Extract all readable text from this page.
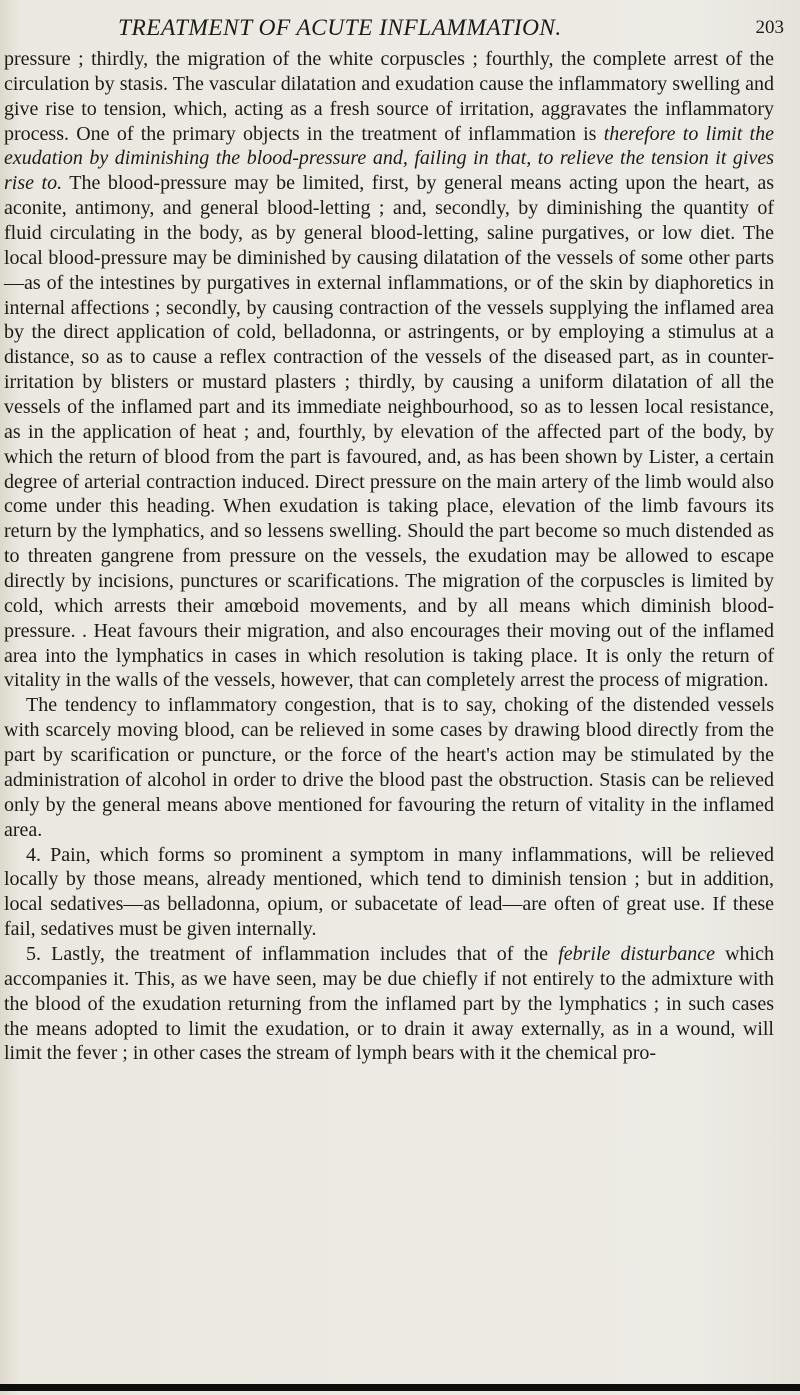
TREATMENT OF ACUTE INFLAMMATION.	203

pressure ; thirdly, the migration of the white corpuscles ; fourthly, the complete arrest of the circulation by stasis. The vascular dilatation and exudation cause the inflammatory swelling and give rise to tension, which, acting as a fresh source of irritation, aggravates the inflammatory process. One of the primary objects in the treatment of inflammation is therefore to limit the exudation by diminishing the blood-pressure and, failing in that, to relieve the tension it gives rise to. The blood-pressure may be limited, first, by general means acting upon the heart, as aconite, antimony, and general blood-letting ; and, secondly, by diminishing the quantity of fluid circulating in the body, as by general blood-letting, saline purgatives, or low diet. The local blood-pressure may be diminished by causing dilatation of the vessels of some other parts—as of the intestines by purgatives in external inflammations, or of the skin by diaphoretics in internal affections ; secondly, by causing contraction of the vessels supplying the inflamed area by the direct application of cold, belladonna, or astringents, or by employing a stimulus at a distance, so as to cause a reflex contraction of the vessels of the diseased part, as in counter-irritation by blisters or mustard plasters ; thirdly, by causing a uniform dilatation of all the vessels of the inflamed part and its immediate neighbourhood, so as to lessen local resistance, as in the application of heat ; and, fourthly, by elevation of the affected part of the body, by which the return of blood from the part is favoured, and, as has been shown by Lister, a certain degree of arterial contraction induced. Direct pressure on the main artery of the limb would also come under this heading. When exudation is taking place, elevation of the limb favours its return by the lymphatics, and so lessens swelling. Should the part become so much distended as to threaten gangrene from pressure on the vessels, the exudation may be allowed to escape directly by incisions, punctures or scarifications. The migration of the corpuscles is limited by cold, which arrests their amœboid movements, and by all means which diminish blood-pressure. . Heat favours their migration, and also encourages their moving out of the inflamed area into the lymphatics in cases in which resolution is taking place. It is only the return of vitality in the walls of the vessels, however, that can completely arrest the process of migration.

The tendency to inflammatory congestion, that is to say, choking of the distended vessels with scarcely moving blood, can be relieved in some cases by drawing blood directly from the part by scarification or puncture, or the force of the heart's action may be stimulated by the administration of alcohol in order to drive the blood past the obstruction. Stasis can be relieved only by the general means above mentioned for favouring the return of vitality in the inflamed area.

4. Pain, which forms so prominent a symptom in many inflammations, will be relieved locally by those means, already mentioned, which tend to diminish tension ; but in addition, local sedatives—as belladonna, opium, or subacetate of lead—are often of great use. If these fail, sedatives must be given internally.

5. Lastly, the treatment of inflammation includes that of the febrile disturbance which accompanies it. This, as we have seen, may be due chiefly if not entirely to the admixture with the blood of the exudation returning from the inflamed part by the lymphatics ; in such cases the means adopted to limit the exudation, or to drain it away externally, as in a wound, will limit the fever ; in other cases the stream of lymph bears with it the chemical pro-
